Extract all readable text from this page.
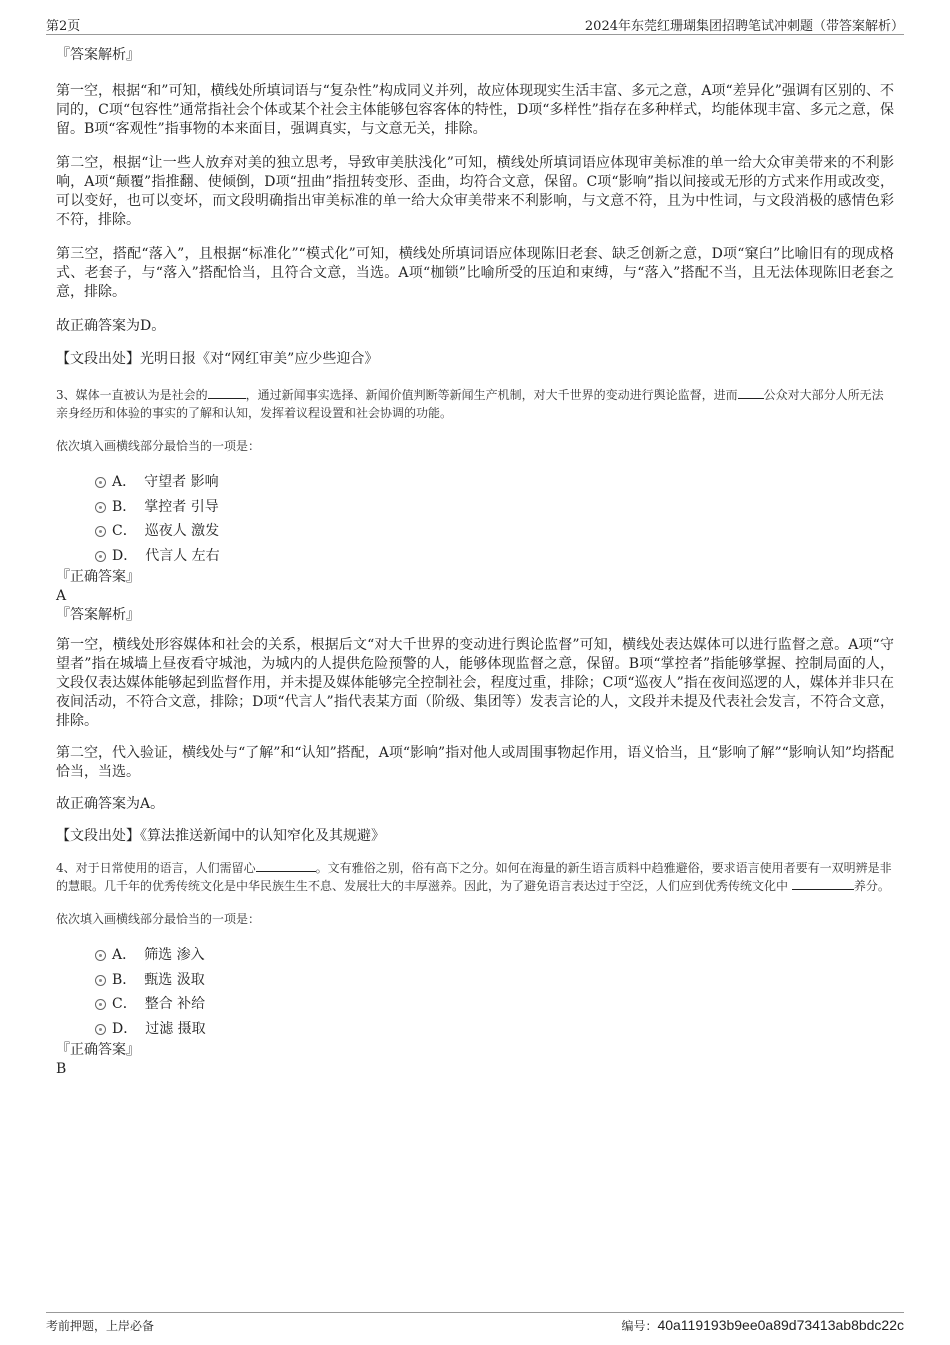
第2页	2024年东莞红珊瑚集团招聘笔试冲刺题（带答案解析）

『答案解析』

第一空，根据“和”可知，横线处所填词语与“复杂性”构成同义并列，故应体现现实生活丰富、多元之意，A项“差异化”强调有区别的、不同的，C项“包容性”通常指社会个体或某个社会主体能够包容客体的特性，D项“多样性”指存在多种样式，均能体现丰富、多元之意，保留。B项“客观性”指事物的本来面目，强调真实，与文意无关，排除。

第二空，根据“让一些人放弃对美的独立思考，导致审美肤浅化”可知，横线处所填词语应体现审美标准的单一给大众审美带来的不利影响，A项“颠覆”指推翻、使倾倒，D项“扭曲”指扭转变形、歪曲，均符合文意，保留。C项“影响”指以间接或无形的方式来作用或改变，可以变好，也可以变坏，而文段明确指出审美标准的单一给大众审美带来不利影响，与文意不符，且为中性词，与文段消极的感情色彩不符，排除。

第三空，搭配“落入”，且根据“标准化”“模式化”可知，横线处所填词语应体现陈旧老套、缺乏创新之意，D项“窠臼”比喻旧有的现成格式、老套子，与“落入”搭配恰当，且符合文意，当选。A项“枷锁”比喻所受的压迫和束缚，与“落入”搭配不当，且无法体现陈旧老套之意，排除。

故正确答案为D。

【文段出处】光明日报《对“网红审美”应少些迎合》

3、媒体一直被认为是社会的	，通过新闻事实选择、新闻价值判断等新闻生产机制，对大千世界的变动进行舆论监督，进而 公众对大部分人所无法亲身经历和体验的事实的了解和认知，发挥着议程设置和社会协调的功能。

依次填入画横线部分最恰当的一项是：

A． 守望者 影响
B． 掌控者 引导
C． 巡夜人 激发
D． 代言人 左右

『正确答案』

A

『答案解析』

第一空，横线处形容媒体和社会的关系，根据后文“对大千世界的变动进行舆论监督”可知，横线处表达媒体可以进行监督之意。A项“守望者”指在城墙上昼夜看守城池，为城内的人提供危险预警的人，能够体现监督之意，保留。B项“掌控者”指能够掌握、控制局面的人，文段仅表达媒体能够起到监督作用，并未提及媒体能够完全控制社会，程度过重，排除；C项“巡夜人”指在夜间巡逻的人，媒体并非只在夜间活动，不符合文意，排除；D项“代言人”指代表某方面（阶级、集团等）发表言论的人，文段并未提及代表社会发言，不符合文意，排除。

第二空，代入验证，横线处与“了解”和“认知”搭配，A项“影响”指对他人或周围事物起作用，语义恰当，且“影响了解”“影响认知”均搭配恰当，当选。

故正确答案为A。

【文段出处】《算法推送新闻中的认知窄化及其规避》

4、对于日常使用的语言，人们需留心	。文有雅俗之别，俗有高下之分。如何在海量的新生语言质料中趋雅避俗，要求语言使用者要有一双明辨是非的慧眼。几千年的优秀传统文化是中华民族生生不息、发展壮大的丰厚滋养。因此，为了避免语言表达过于空泛，人们应到优秀传统文化中	养分。

依次填入画横线部分最恰当的一项是：

A． 筛选 渗入
B． 甄选 汲取
C． 整合 补给
D． 过滤 摄取

『正确答案』

B

考前押题，上岸必备	编号：40a119193b9ee0a89d73413ab8bdc22c
